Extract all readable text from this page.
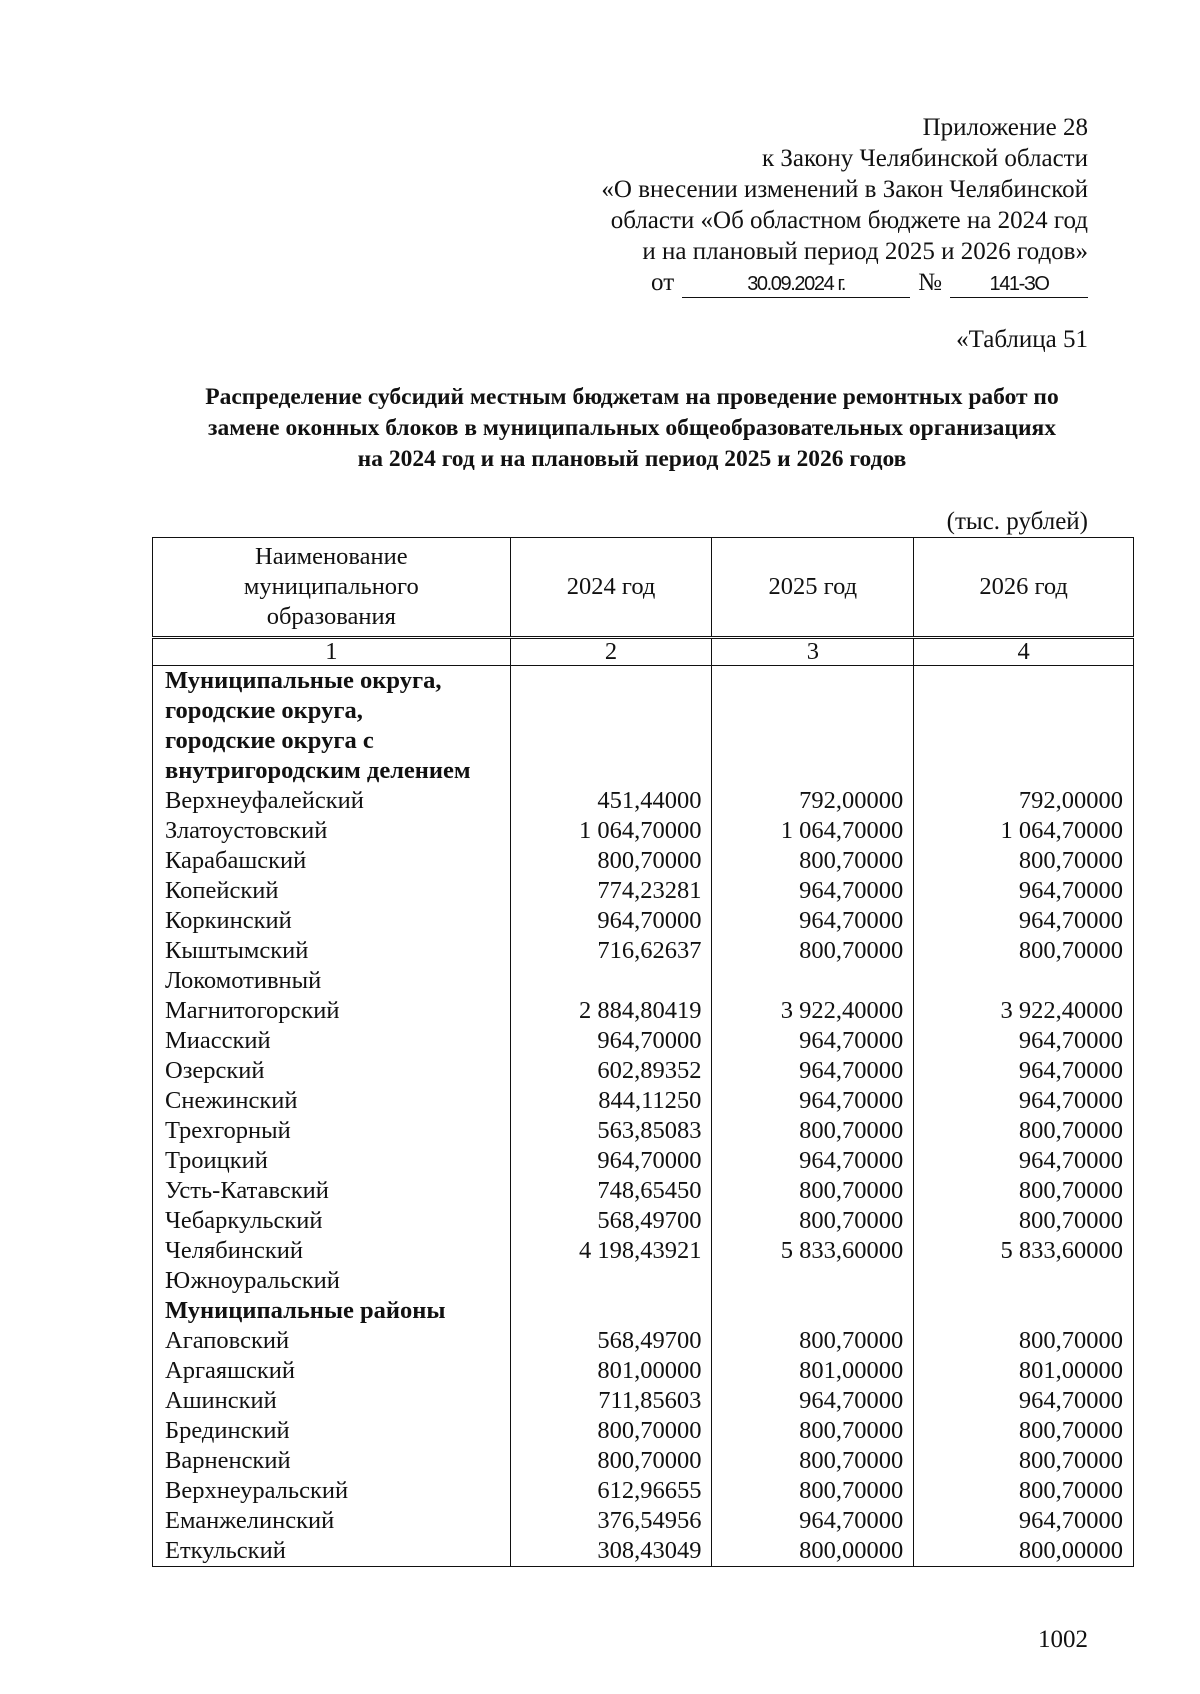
Приложение 28
к Закону Челябинской области
«О внесении изменений в Закон Челябинской
области «Об областном бюджете на 2024 год
и на плановый период 2025 и 2026 годов»
от	30.09.2024 г.	№	141-ЗО
«Таблица 51
Распределение субсидий местным бюджетам на проведение ремонтных работ по
замене оконных блоков в муниципальных общеобразовательных организациях
на 2024 год и на плановый период 2025 и 2026 годов
(тыс. рублей)
Наименование
муниципального
образования	2024 год	2025 год	2026 год
1	2	3	4
Муниципальные округа,			
городские округа,			
городские округа с			
внутригородским делением			
Верхнеуфалейский	451,44000	792,00000	792,00000
Златоустовский	1 064,70000	1 064,70000	1 064,70000
Карабашский	800,70000	800,70000	800,70000
Копейский	774,23281	964,70000	964,70000
Коркинский	964,70000	964,70000	964,70000
Кыштымский	716,62637	800,70000	800,70000
Локомотивный			
Магнитогорский	2 884,80419	3 922,40000	3 922,40000
Миасский	964,70000	964,70000	964,70000
Озерский	602,89352	964,70000	964,70000
Снежинский	844,11250	964,70000	964,70000
Трехгорный	563,85083	800,70000	800,70000
Троицкий	964,70000	964,70000	964,70000
Усть-Катавский	748,65450	800,70000	800,70000
Чебаркульский	568,49700	800,70000	800,70000
Челябинский	4 198,43921	5 833,60000	5 833,60000
Южноуральский			
Муниципальные районы			
Агаповский	568,49700	800,70000	800,70000
Аргаяшский	801,00000	801,00000	801,00000
Ашинский	711,85603	964,70000	964,70000
Брединский	800,70000	800,70000	800,70000
Варненский	800,70000	800,70000	800,70000
Верхнеуральский	612,96655	800,70000	800,70000
Еманжелинский	376,54956	964,70000	964,70000
Еткульский	308,43049	800,00000	800,00000
1002
